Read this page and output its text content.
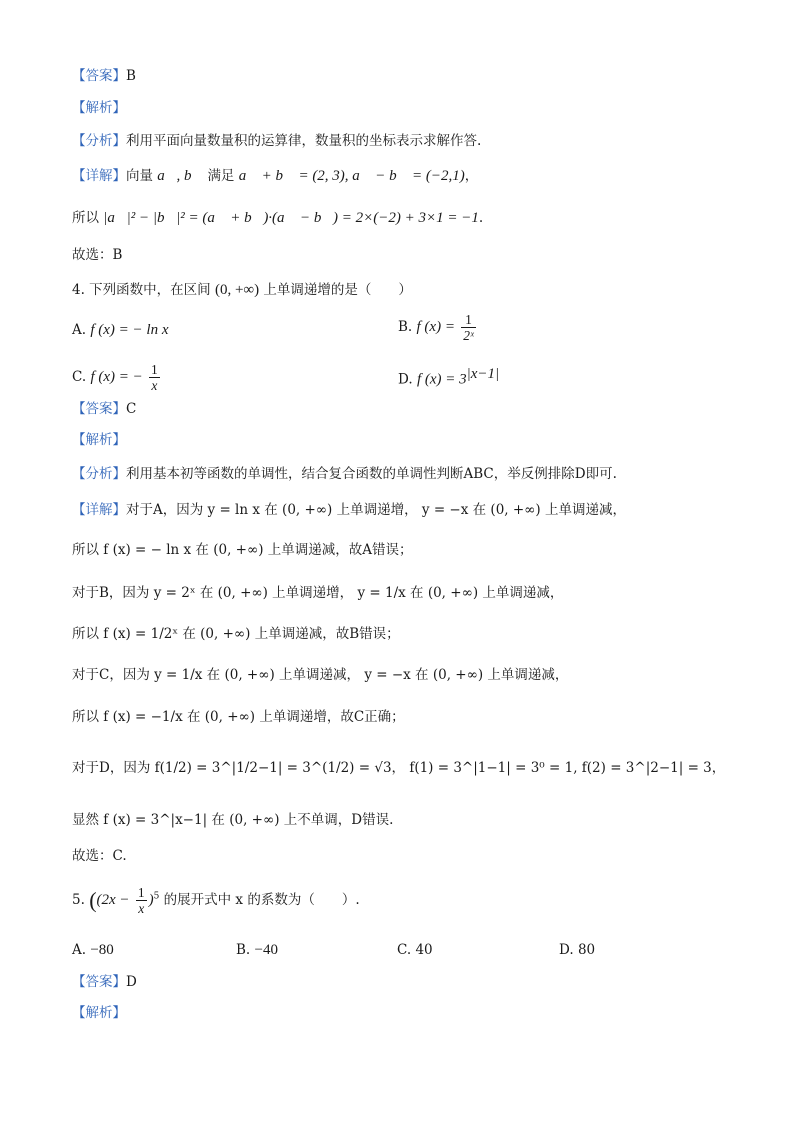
【答案】B
【解析】
【分析】利用平面向量数量积的运算律，数量积的坐标表示求解作答.
【详解】向量 a⃗, b⃗ 满足 a⃗ + b⃗ = (2, 3), a⃗ − b⃗ = (−2,1)，
所以 |a⃗|² − |b⃗|² = (a⃗ + b⃗)·(a⃗ − b⃗) = 2×(−2) + 3×1 = −1.
故选：B
4. 下列函数中，在区间 (0, +∞) 上单调递增的是（　　）
A. f (x) = − ln x	B. f $(x) = \frac{1}{\text{2ˣ}}$
C. f (x) = − $\frac{1}{x}$	D. f $(x) = 3^{|x-1|}$
【答案】C
【解析】
【分析】利用基本初等函数的单调性，结合复合函数的单调性判断ABC，举反例排除D即可.
【详解】对于A，因为 y = ln x 在 (0, +∞) 上单调递增， y = −x 在 (0, +∞) 上单调递减，
所以 f (x) = − ln x 在 (0, +∞) 上单调递减，故A错误；
对于B，因为 y = 2ˣ 在 (0, +∞) 上单调递增， y = 1/x 在 (0, +∞) 上单调递减，
所以 f (x) = 1/2ˣ 在 (0, +∞) 上单调递减，故B错误；
对于C，因为 y = 1/x 在 (0, +∞) 上单调递减， y = −x 在 (0, +∞) 上单调递减，
所以 f (x) = −1/x 在 (0, +∞) 上单调递增，故C正确；
对于D，因为 f(1/2) = 3^|1/2−1| = 3^(1/2) = √3， f(1) = 3^|1−1| = 3⁰ = 1, f(2) = 3^|2−1| = 3，
显然 f (x) = 3^|x−1| 在 (0, +∞) 上不单调，D错误.
故选：C.
5. ($(2x - \frac{1}{x} )^5$ 的展开式中 x 的系数为（　　）.
A. −80	B. −40	C. 40	D. 80
【答案】D
【解析】
